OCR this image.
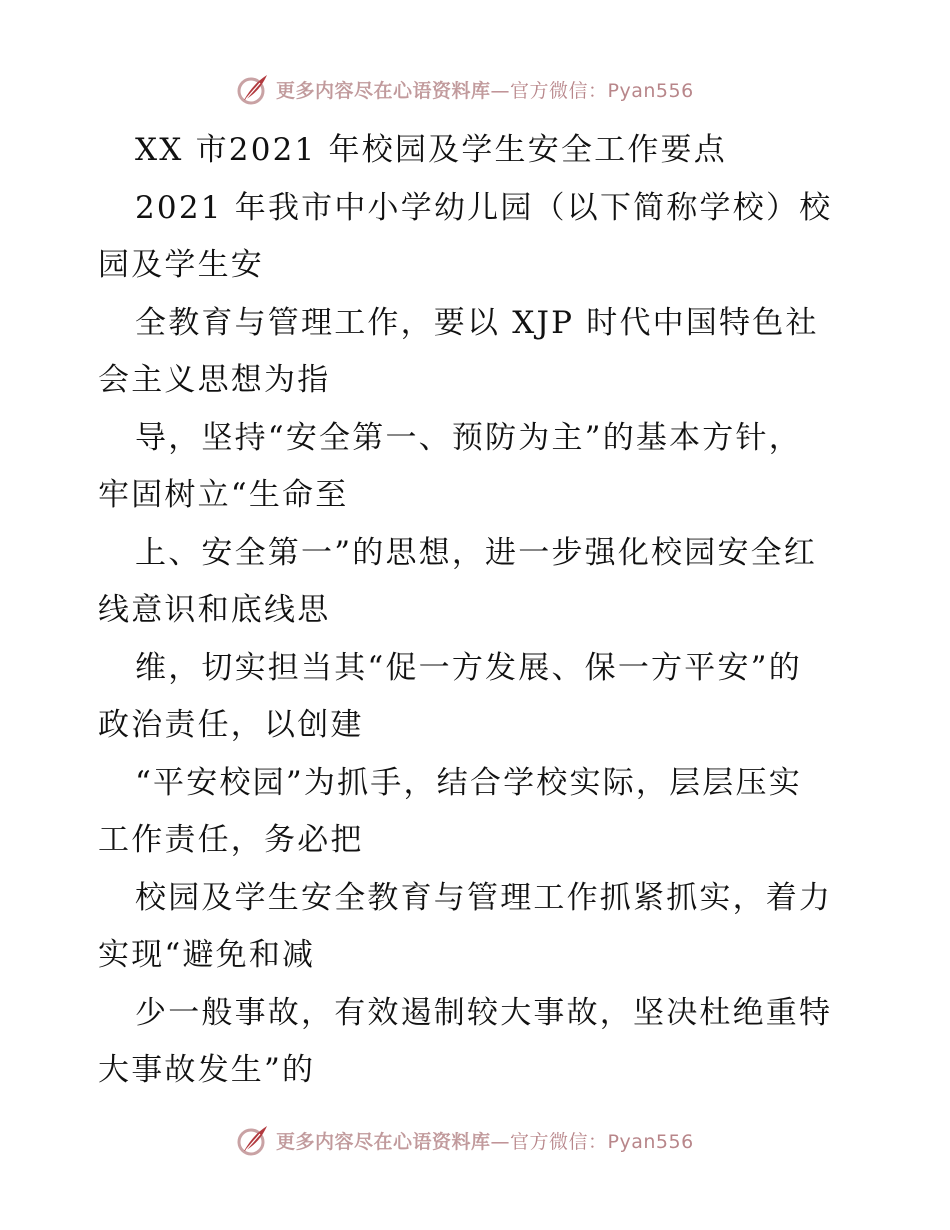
更多内容尽在心语资料库—官方微信：Pyan556
XX 市2021 年校园及学生安全工作要点
2021 年我市中小学幼儿园（以下简称学校）校
园及学生安
全教育与管理工作，要以 XJP 时代中国特色社
会主义思想为指
导，坚持“安全第一、预防为主”的基本方针，
牢固树立“生命至
上、安全第一”的思想，进一步强化校园安全红
线意识和底线思
维，切实担当其“促一方发展、保一方平安”的
政治责任，以创建
“平安校园”为抓手，结合学校实际，层层压实
工作责任，务必把
校园及学生安全教育与管理工作抓紧抓实，着力
实现“避免和减
少一般事故，有效遏制较大事故，坚决杜绝重特
大事故发生”的
更多内容尽在心语资料库—官方微信：Pyan556
